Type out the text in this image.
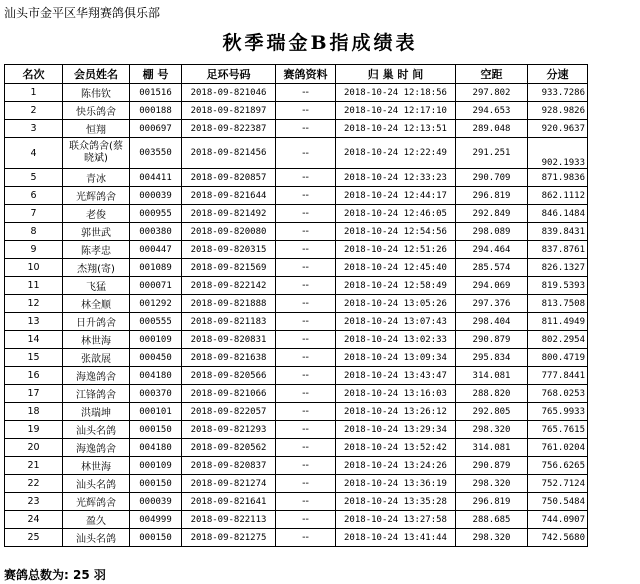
汕头市金平区华翔赛鸽俱乐部
秋季瑞金B指成绩表
名次	会员姓名	棚 号	足环号码	赛鸽资料	归 巢 时 间	空距	分速
1	陈伟钦	001516	2018-09-821046	--	2018-10-24 12:18:56	297.802	933.7286
2	快乐鸽舍	000188	2018-09-821897	--	2018-10-24 12:17:10	294.653	928.9826
3	恒翔	000697	2018-09-822387	--	2018-10-24 12:13:51	289.048	920.9637
4	联众鸽舍(蔡晓斌)	003550	2018-09-821456	--	2018-10-24 12:22:49	291.251	902.1933
5	青冰	004411	2018-09-820857	--	2018-10-24 12:33:23	290.709	871.9836
6	光辉鸽舍	000039	2018-09-821644	--	2018-10-24 12:44:17	296.819	862.1112
7	老俊	000955	2018-09-821492	--	2018-10-24 12:46:05	292.849	846.1484
8	郭世武	000380	2018-09-820080	--	2018-10-24 12:54:56	298.089	839.8431
9	陈孝忠	000447	2018-09-820315	--	2018-10-24 12:51:26	294.464	837.8761
10	杰翔(寄)	001089	2018-09-821569	--	2018-10-24 12:45:40	285.574	826.1327
11	飞猛	000071	2018-09-822142	--	2018-10-24 12:58:49	294.069	819.5393
12	林全顺	001292	2018-09-821888	--	2018-10-24 13:05:26	297.376	813.7508
13	日升鸽舍	000555	2018-09-821183	--	2018-10-24 13:07:43	298.404	811.4949
14	林世海	000109	2018-09-820831	--	2018-10-24 13:02:33	290.879	802.2954
15	张歆展	000450	2018-09-821638	--	2018-10-24 13:09:34	295.834	800.4719
16	海逸鸽舍	004180	2018-09-820566	--	2018-10-24 13:43:47	314.081	777.8441
17	江锋鸽舍	000370	2018-09-821066	--	2018-10-24 13:16:03	288.820	768.0253
18	洪瑞坤	000101	2018-09-822057	--	2018-10-24 13:26:12	292.805	765.9933
19	汕头名鸽	000150	2018-09-821293	--	2018-10-24 13:29:34	298.320	765.7615
20	海逸鸽舍	004180	2018-09-820562	--	2018-10-24 13:52:42	314.081	761.0204
21	林世海	000109	2018-09-820837	--	2018-10-24 13:24:26	290.879	756.6265
22	汕头名鸽	000150	2018-09-821274	--	2018-10-24 13:36:19	298.320	752.7124
23	光辉鸽舍	000039	2018-09-821641	--	2018-10-24 13:35:28	296.819	750.5484
24	盈久	004999	2018-09-822113	--	2018-10-24 13:27:58	288.685	744.0907
25	汕头名鸽	000150	2018-09-821275	--	2018-10-24 13:41:44	298.320	742.5680
赛鸽总数为: 25 羽
